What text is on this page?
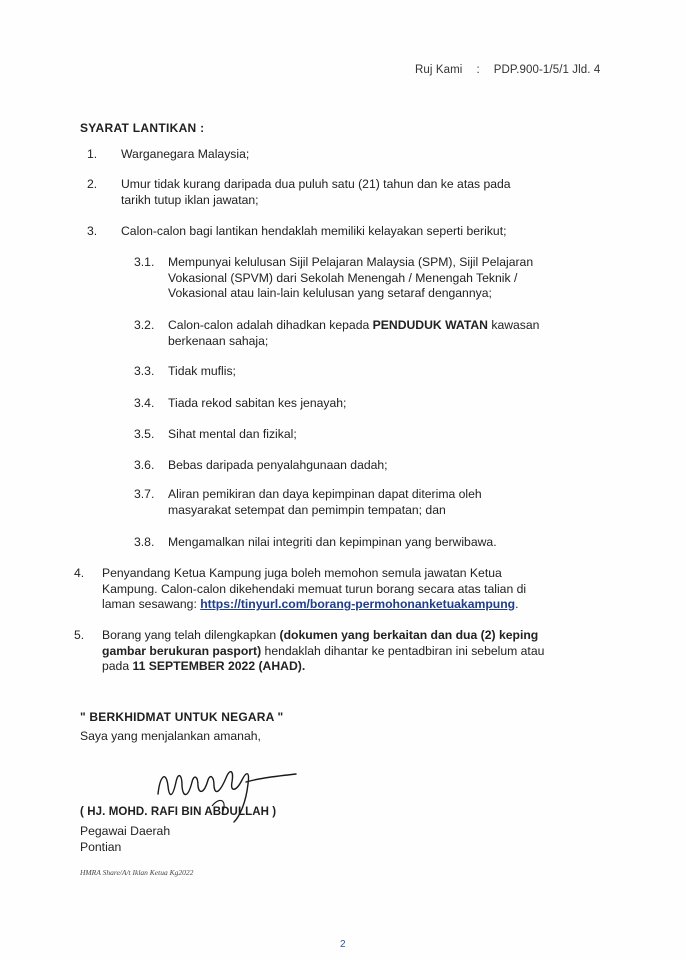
Ruj Kami : PDP.900-1/5/1 Jld. 4
SYARAT LANTIKAN :
1. Warganegara Malaysia;
2. Umur tidak kurang daripada dua puluh satu (21) tahun dan ke atas pada
tarikh tutup iklan jawatan;
3. Calon-calon bagi lantikan hendaklah memiliki kelayakan seperti berikut;
3.1. Mempunyai kelulusan Sijil Pelajaran Malaysia (SPM), Sijil Pelajaran
Vokasional (SPVM) dari Sekolah Menengah / Menengah Teknik /
Vokasional atau lain-lain kelulusan yang setaraf dengannya;
3.2. Calon-calon adalah dihadkan kepada PENDUDUK WATAN kawasan
berkenaan sahaja;
3.3. Tidak muflis;
3.4. Tiada rekod sabitan kes jenayah;
3.5. Sihat mental dan fizikal;
3.6. Bebas daripada penyalahgunaan dadah;
3.7. Aliran pemikiran dan daya kepimpinan dapat diterima oleh
masyarakat setempat dan pemimpin tempatan; dan
3.8. Mengamalkan nilai integriti dan kepimpinan yang berwibawa.
4. Penyandang Ketua Kampung juga boleh memohon semula jawatan Ketua
Kampung. Calon-calon dikehendaki memuat turun borang secara atas talian di
laman sesawang: https://tinyurl.com/borang-permohonanketuakampung.
5. Borang yang telah dilengkapkan (dokumen yang berkaitan dan dua (2) keping
gambar berukuran pasport) hendaklah dihantar ke pentadbiran ini sebelum atau
pada 11 SEPTEMBER 2022 (AHAD).
" BERKHIDMAT UNTUK NEGARA "
Saya yang menjalankan amanah,
( HJ. MOHD. RAFI BIN ABDULLAH )
Pegawai Daerah
Pontian
HMRA Share/A/t Iklan Ketua Kg2022
2
